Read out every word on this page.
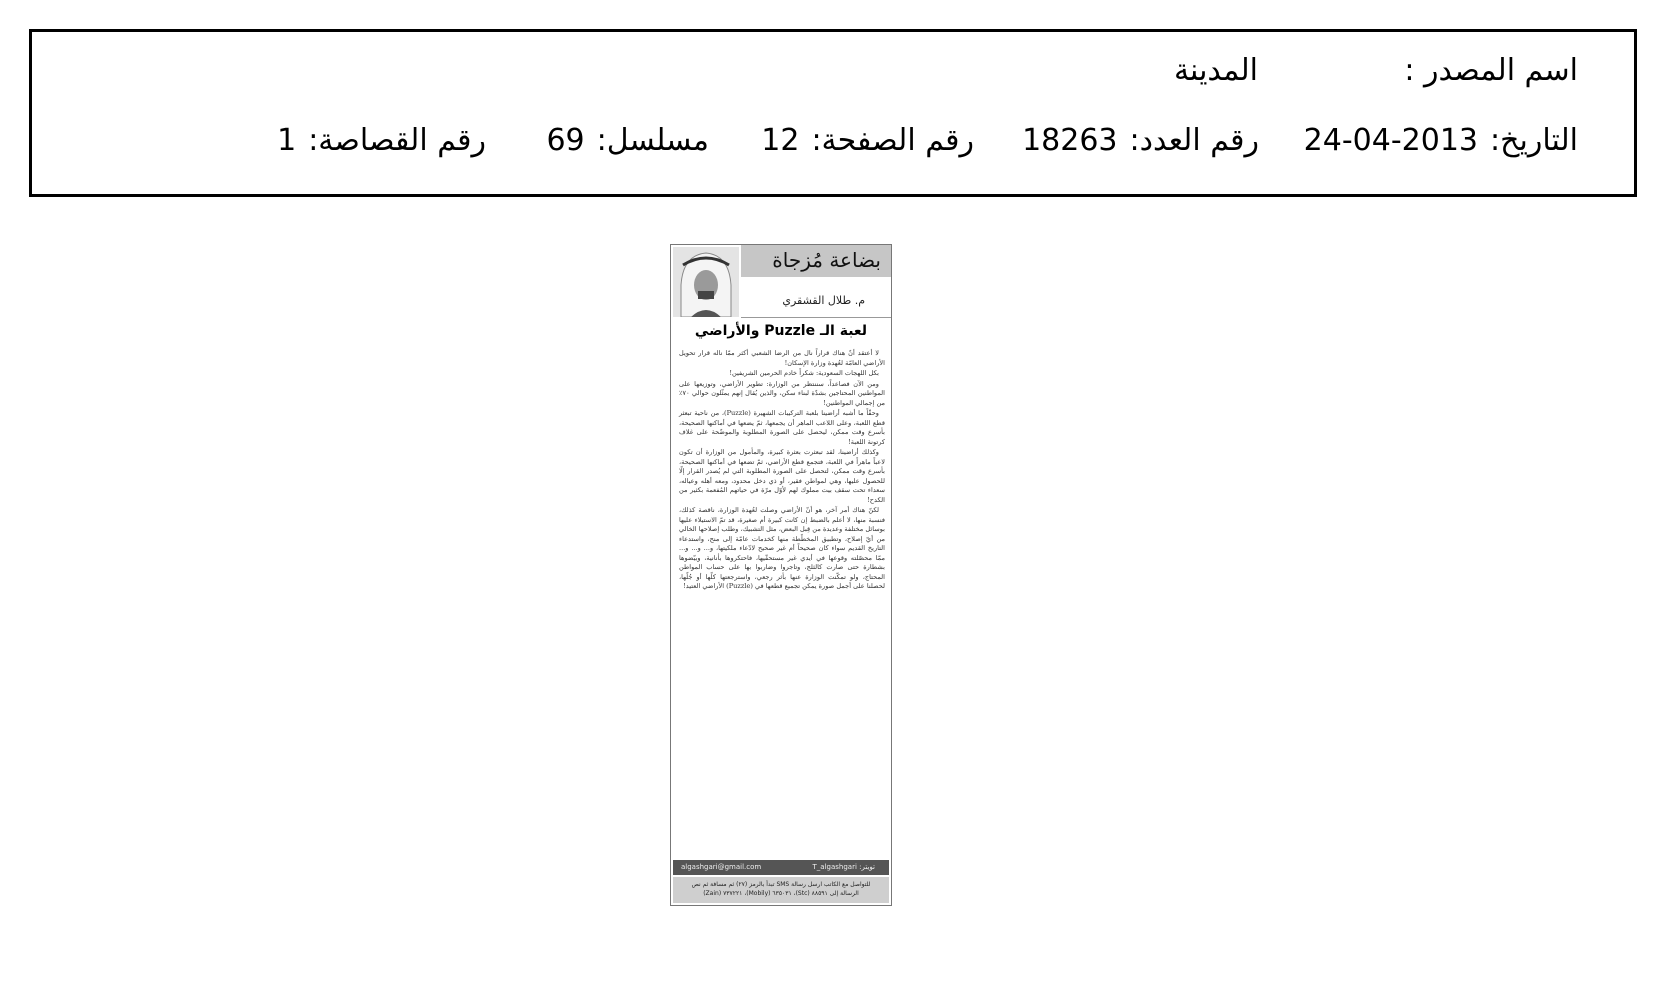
اسم المصدر :
المدينة
التاريخ:2013-04-24
رقم العدد:18263
رقم الصفحة:12
مسلسل:69
رقم القصاصة:1
بضاعة مُزجاة
م. طلال القشقري
لعبة الـ Puzzle والأراضي

لا أعتقد أنّ هناك قراراً نال من الرضا الشعبي أكثر ممّا ناله قرار تحويل الأراضي العامّة لعُهدة وزارة الإسكان!

بكل اللهجات السعودية: شكراً خادم الحرمين الشريفين!

ومن الآن فصاعداً، سننتظر من الوزارة: تطوير الأراضي، وتوزيعها على المواطنين المحتاجين بشدّة لبناء سكن، والذين يُقال إنهم يمثّلون حوالي ٧٠٪ من إجمالي المواطنين!

وحقّاً ما أشبه أراضينا بلعبة التركيبات الشهيرة (Puzzle)، من ناحية تبعثر قطع اللعبة، وعلى اللاعب الماهر أن يجمعها، ثمّ يضعها في أماكنها الصحيحة، بأسرع وقت ممكن، ليحصل على الصورة المطلوبة والموضّحة على غلاف كرتونة اللعبة!

وكذلك أراضينا، لقد تبعثرت بعثرة كبيرة، والمأمول من الوزارة أن تكون لاعباً ماهراً في اللعبة، فتجمع قطع الأراضي، ثمّ تضعها في أماكنها الصحيحة، بأسرع وقت ممكن، لتحصل على الصورة المطلوبة التي لم يُصدر القرار إلّا للحصول عليها، وهي لمواطن فقير، أو ذي دخل محدود، ومعه أهله وعياله، سعداء تحت سقف بيت مملوك لهم لأوّل مرّة في حياتهم المُفعمة بكثير من الكدح!

لكنّ هناك أمر آخر، هو أنّ الأراضي وصلت لعُهدة الوزارة، ناقصة كذلك، فنسبة منها، لا أعلم بالضبط إن كانت كبيرة أم صغيرة، قد تمّ الاستيلاء عليها بوسائل مختلفة وعديدة من قِبل البعض، مثل التشبيك، وطلب إصلاحها الخالي من أيّ إصلاح، وتطبيق المخطّطة منها كخدمات عامّة إلى منح، واستدعاء التاريخ القديم سواء كان صحيحاً أم غير صحيح لادّعاء ملكيتها، و... و... و... ممّا محصّلته وقوعها في أيدي غير مستحقّيها، فاحتكروها بأنانية، وبيّضوها بشطارة حتى صارت كالثلج، وتاجروا وضاربوا بها على حساب المواطن المحتاج، ولو تمكّنت الوزارة عنها بأثر رجعي، واسترجعتها كلّها أو جُلّها، لحصلنا على أجمل صورة يمكن تجميع قطعها في (Puzzle) الأراضي العتيد!

تويتر: T_algashgari
algashgari@gmail.com
للتواصل مع الكاتب ارسل رسالة SMS تبدأ بالرمز (٢٧) ثم مسافة ثم نص
الرسالة إلى ٨٨٥٩١ (Stc)، ٦٣٥٠٣١ (Mobily)، ٧٣٧٢٢١ (Zain)
